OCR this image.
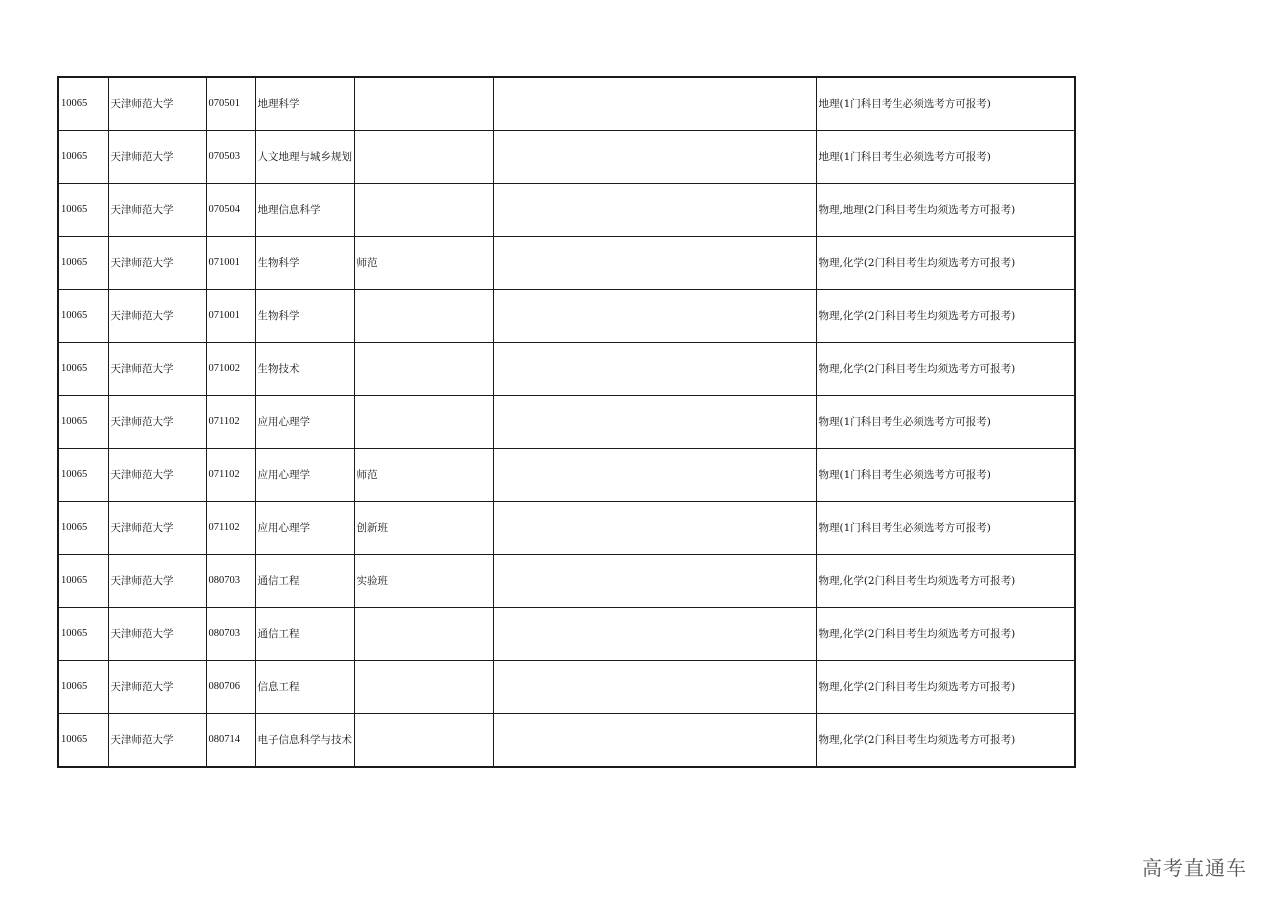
10065	天津师范大学	070501	地理科学			地理(1门科目考生必须选考方可报考)
10065	天津师范大学	070503	人文地理与城乡规划			地理(1门科目考生必须选考方可报考)
10065	天津师范大学	070504	地理信息科学			物理,地理(2门科目考生均须选考方可报考)
10065	天津师范大学	071001	生物科学	师范		物理,化学(2门科目考生均须选考方可报考)
10065	天津师范大学	071001	生物科学			物理,化学(2门科目考生均须选考方可报考)
10065	天津师范大学	071002	生物技术			物理,化学(2门科目考生均须选考方可报考)
10065	天津师范大学	071102	应用心理学			物理(1门科目考生必须选考方可报考)
10065	天津师范大学	071102	应用心理学	师范		物理(1门科目考生必须选考方可报考)
10065	天津师范大学	071102	应用心理学	创新班		物理(1门科目考生必须选考方可报考)
10065	天津师范大学	080703	通信工程	实验班		物理,化学(2门科目考生均须选考方可报考)
10065	天津师范大学	080703	通信工程			物理,化学(2门科目考生均须选考方可报考)
10065	天津师范大学	080706	信息工程			物理,化学(2门科目考生均须选考方可报考)
10065	天津师范大学	080714	电子信息科学与技术			物理,化学(2门科目考生均须选考方可报考)
高考直通车
